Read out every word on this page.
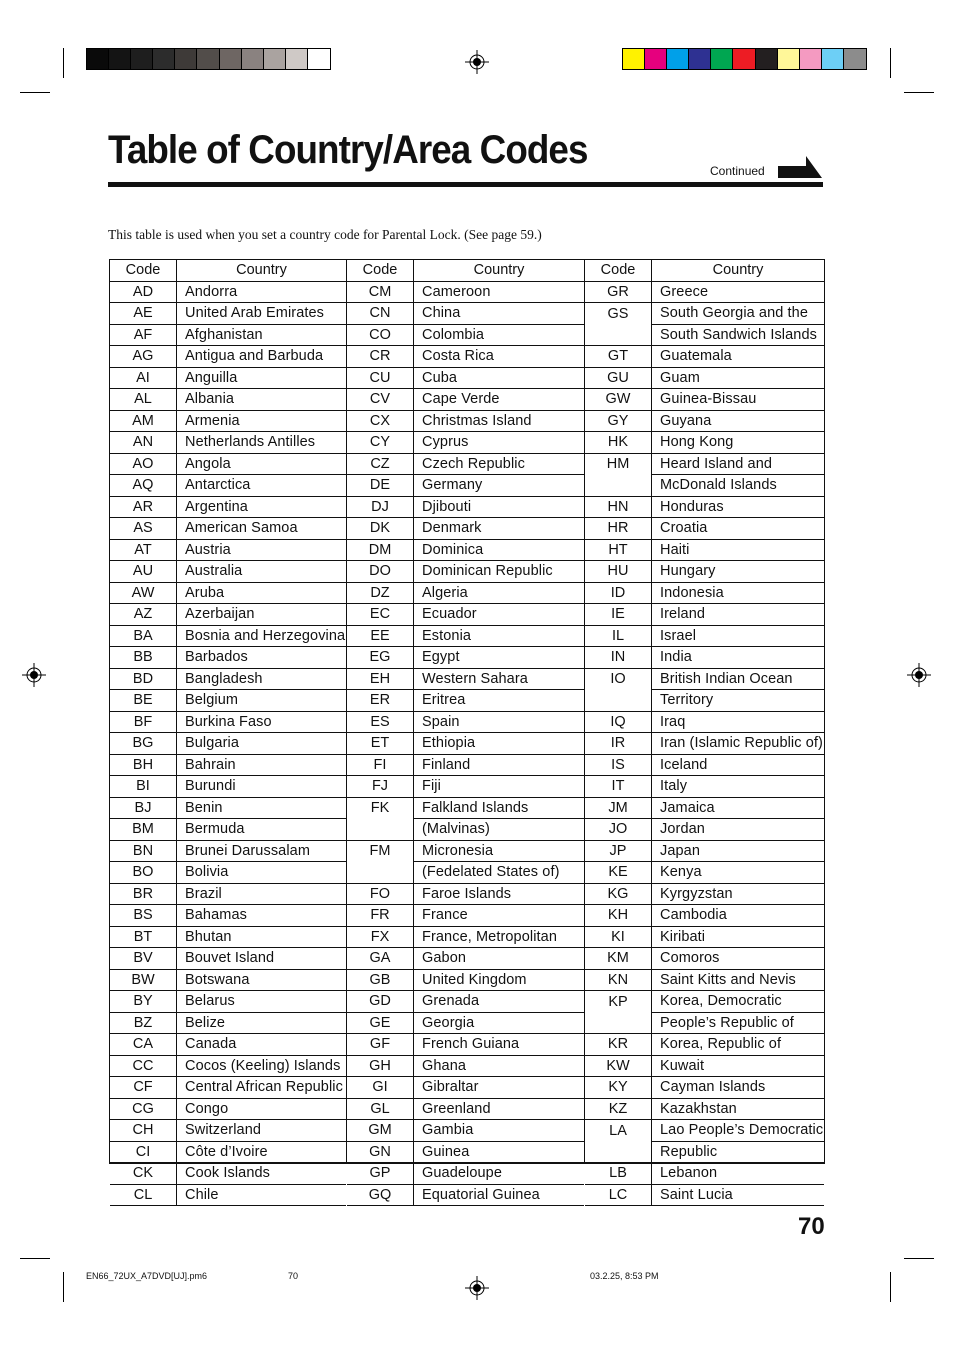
Table of Country/Area Codes	Continued
This table is used when you set a country code for Parental Lock. (See page 59.)
Code	Country
AD	Andorra
AE	United Arab Emirates
AF	Afghanistan
AG	Antigua and Barbuda
AI	Anguilla
AL	Albania
AM	Armenia
AN	Netherlands Antilles
AO	Angola
AQ	Antarctica
AR	Argentina
AS	American Samoa
AT	Austria
AU	Australia
AW	Aruba
AZ	Azerbaijan
BA	Bosnia and Herzegovina
BB	Barbados
BD	Bangladesh
BE	Belgium
BF	Burkina Faso
BG	Bulgaria
BH	Bahrain
BI	Burundi
BJ	Benin
BM	Bermuda
BN	Brunei Darussalam
BO	Bolivia
BR	Brazil
BS	Bahamas
BT	Bhutan
BV	Bouvet Island
BW	Botswana
BY	Belarus
BZ	Belize
CA	Canada
CC	Cocos (Keeling) Islands
CF	Central African Republic
CG	Congo
CH	Switzerland
CI	Côte d’Ivoire
CK	Cook Islands
CL	Chile
Code	Country
CM	Cameroon
CN	China
CO	Colombia
CR	Costa Rica
CU	Cuba
CV	Cape Verde
CX	Christmas Island
CY	Cyprus
CZ	Czech Republic
DE	Germany
DJ	Djibouti
DK	Denmark
DM	Dominica
DO	Dominican Republic
DZ	Algeria
EC	Ecuador
EE	Estonia
EG	Egypt
EH	Western Sahara
ER	Eritrea
ES	Spain
ET	Ethiopia
FI	Finland
FJ	Fiji
FK	Falkland Islands
	(Malvinas)
FM	Micronesia
	(Fedelated States of)
FO	Faroe Islands
FR	France
FX	France, Metropolitan
GA	Gabon
GB	United Kingdom
GD	Grenada
GE	Georgia
GF	French Guiana
GH	Ghana
GI	Gibraltar
GL	Greenland
GM	Gambia
GN	Guinea
GP	Guadeloupe
GQ	Equatorial Guinea
Code	Country
GR	Greece
GS	South Georgia and the
	South Sandwich Islands
GT	Guatemala
GU	Guam
GW	Guinea-Bissau
GY	Guyana
HK	Hong Kong
HM	Heard Island and
	McDonald Islands
HN	Honduras
HR	Croatia
HT	Haiti
HU	Hungary
ID	Indonesia
IE	Ireland
IL	Israel
IN	India
IO	British Indian Ocean
	Territory
IQ	Iraq
IR	Iran (Islamic Republic of)
IS	Iceland
IT	Italy
JM	Jamaica
JO	Jordan
JP	Japan
KE	Kenya
KG	Kyrgyzstan
KH	Cambodia
KI	Kiribati
KM	Comoros
KN	Saint Kitts and Nevis
KP	Korea, Democratic
	People’s Republic of
KR	Korea, Republic of
KW	Kuwait
KY	Cayman Islands
KZ	Kazakhstan
LA	Lao People’s Democratic
	Republic
LB	Lebanon
LC	Saint Lucia
70
EN66_72UX_A7DVD[UJ].pm6	70	03.2.25, 8:53 PM
